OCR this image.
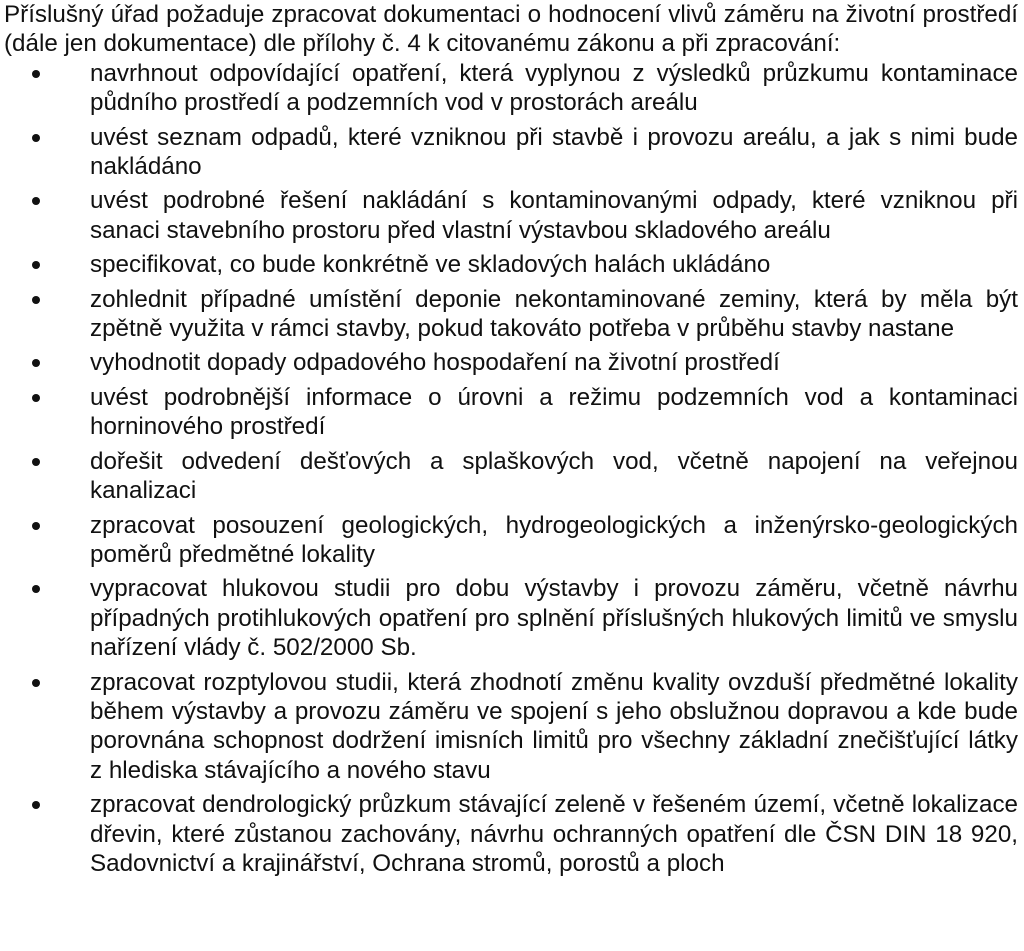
Příslušný úřad požaduje zpracovat dokumentaci o hodnocení vlivů záměru na životní prostředí (dále jen dokumentace) dle přílohy č. 4 k citovanému zákonu a při zpracování:

navrhnout odpovídající opatření, která vyplynou z výsledků průzkumu kontaminace půdního prostředí a podzemních vod v prostorách areálu
uvést seznam odpadů, které vzniknou při stavbě i provozu areálu, a jak s nimi bude nakládáno
uvést podrobné řešení nakládání s kontaminovanými odpady, které vzniknou při sanaci stavebního prostoru před vlastní výstavbou skladového areálu
specifikovat, co bude konkrétně ve skladových halách ukládáno
zohlednit případné umístění deponie nekontaminované zeminy, která by měla být zpětně využita v rámci stavby, pokud takováto potřeba v průběhu stavby nastane
vyhodnotit dopady odpadového hospodaření na životní prostředí
uvést podrobnější informace o úrovni a režimu podzemních vod a kontaminaci horninového prostředí
dořešit odvedení dešťových a splaškových vod, včetně napojení na veřejnou kanalizaci
zpracovat posouzení geologických, hydrogeologických a inženýrsko-geologických poměrů předmětné lokality
vypracovat hlukovou studii pro dobu výstavby i provozu záměru, včetně návrhu případných protihlukových opatření pro splnění příslušných hlukových limitů ve smyslu nařízení vlády č. 502/2000 Sb.
zpracovat rozptylovou studii, která zhodnotí změnu kvality ovzduší předmětné lokality během výstavby a provozu záměru ve spojení s jeho obslužnou dopravou a kde bude porovnána schopnost dodržení imisních limitů pro všechny základní znečišťující látky z hlediska stávajícího a nového stavu
zpracovat dendrologický průzkum stávající zeleně v řešeném území, včetně lokalizace dřevin, které zůstanou zachovány, návrhu ochranných opatření dle ČSN DIN 18 920, Sadovnictví a krajinářství, Ochrana stromů, porostů a ploch
